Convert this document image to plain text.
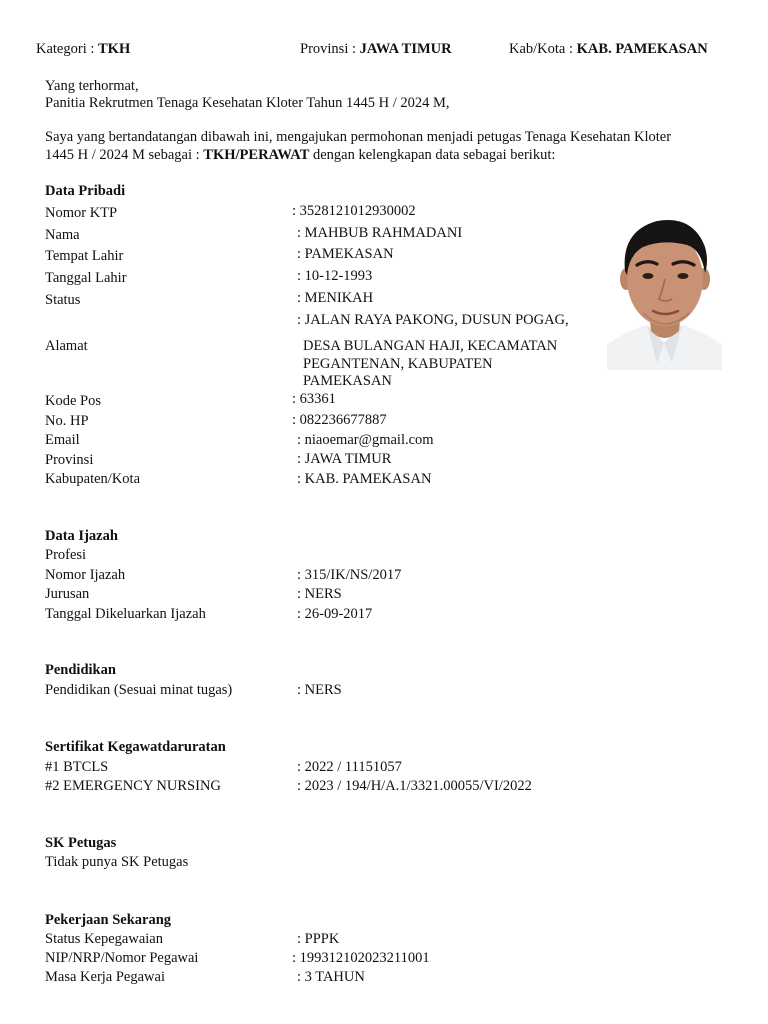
Kategori : TKH	Provinsi : JAWA TIMUR	Kab/Kota : KAB. PAMEKASAN
Yang terhormat,
Panitia Rekrutmen Tenaga Kesehatan Kloter Tahun 1445 H / 2024 M,
Saya yang bertandatangan dibawah ini, mengajukan permohonan menjadi petugas Tenaga Kesehatan Kloter
1445 H / 2024 M sebagai : TKH/PERAWAT dengan kelengkapan data sebagai berikut:
Data Pribadi
Nomor KTP	: 3528121012930002
Nama	: MAHBUB RAHMADANI
Tempat Lahir	: PAMEKASAN
Tanggal Lahir	: 10-12-1993
Status	: MENIKAH
: JALAN RAYA PAKONG, DUSUN POGAG,
Alamat	DESA BULANGAN HAJI, KECAMATAN
PEGANTENAN, KABUPATEN
PAMEKASAN
Kode Pos	: 63361
No. HP	: 082236677887
Email	: niaoemar@gmail.com
Provinsi	: JAWA TIMUR
Kabupaten/Kota	: KAB. PAMEKASAN
Data Ijazah
Profesi
Nomor Ijazah	: 315/IK/NS/2017
Jurusan	: NERS
Tanggal Dikeluarkan Ijazah	: 26-09-2017
Pendidikan
Pendidikan (Sesuai minat tugas)	: NERS
Sertifikat Kegawatdaruratan
#1 BTCLS	: 2022 / 11151057
#2 EMERGENCY NURSING	: 2023 / 194/H/A.1/3321.00055/VI/2022
SK Petugas
Tidak punya SK Petugas
Pekerjaan Sekarang
Status Kepegawaian	: PPPK
NIP/NRP/Nomor Pegawai	: 199312102023211001
Masa Kerja Pegawai	: 3 TAHUN
